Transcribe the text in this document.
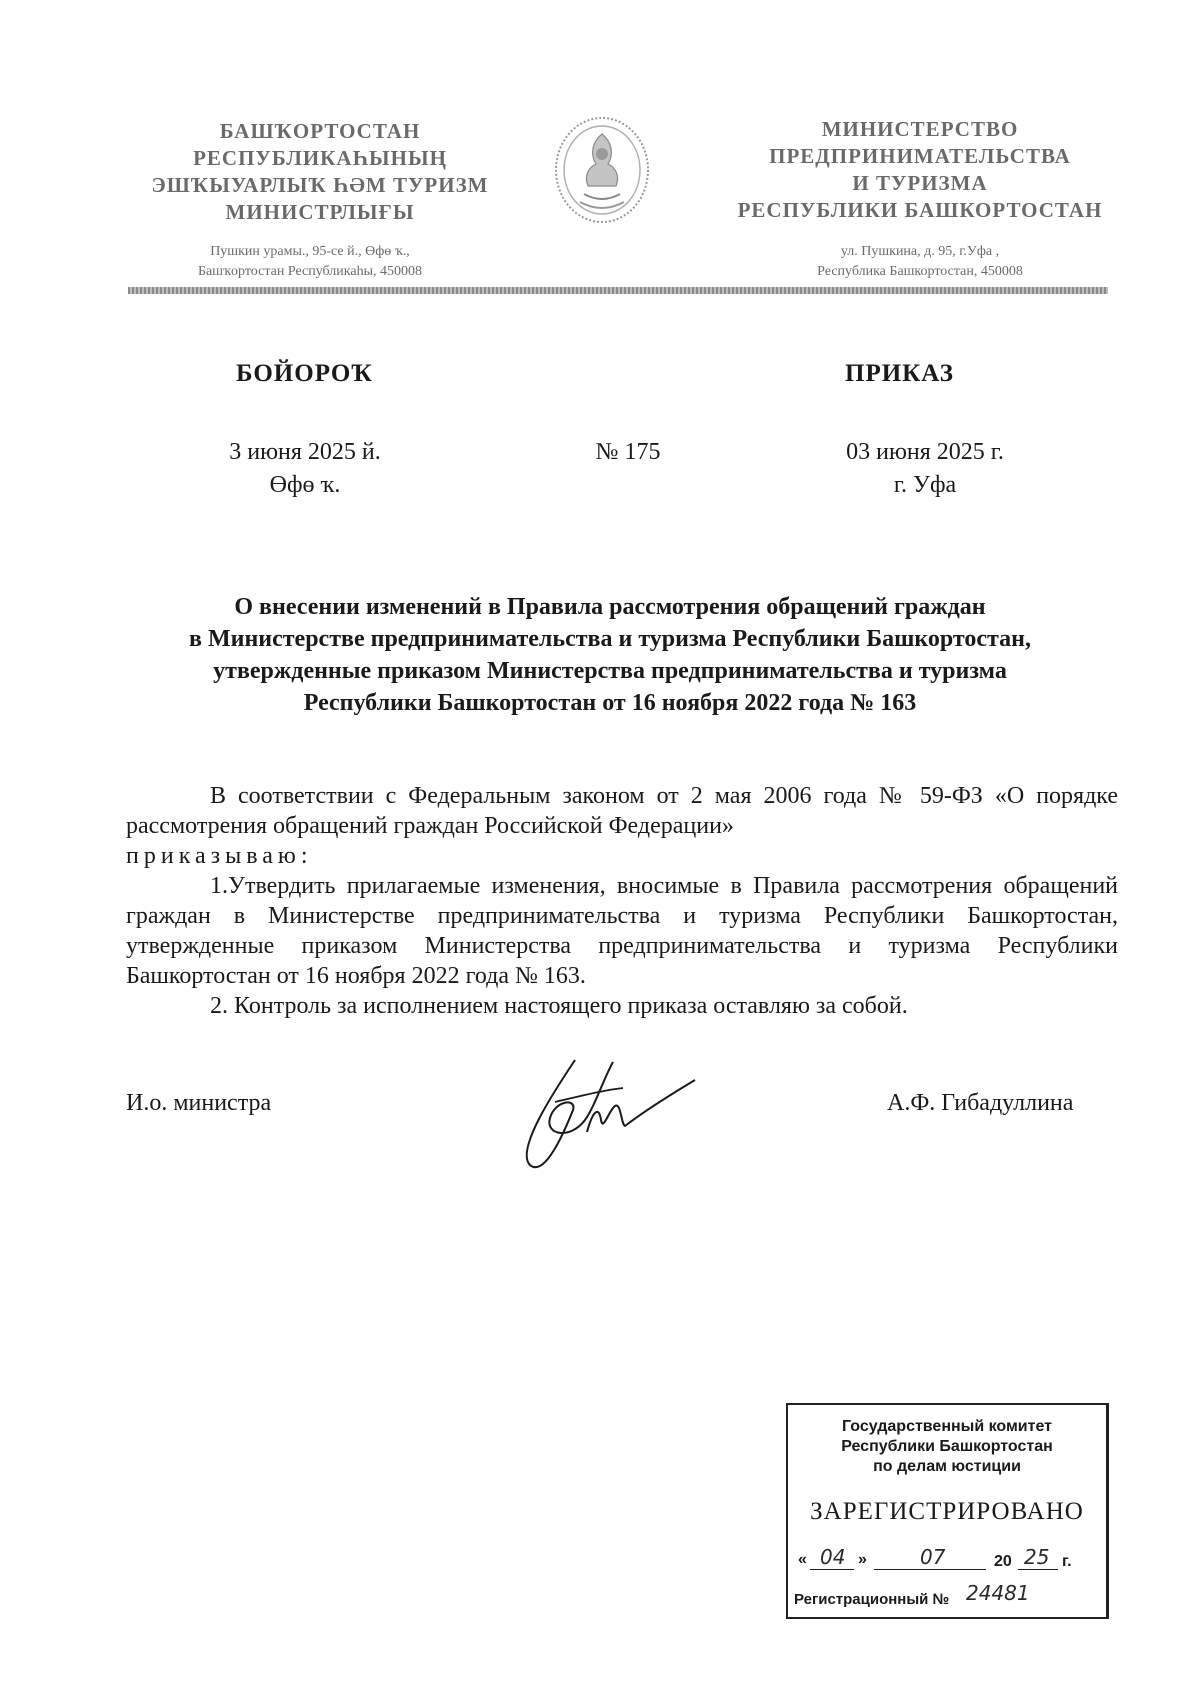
БАШҠОРТОСТАН
РЕСПУБЛИКАҺЫНЫҢ
ЭШҠЫУАРЛЫҠ ҺӘМ ТУРИЗМ
МИНИСТРЛЫҒЫ
МИНИСТЕРСТВО
ПРЕДПРИНИМАТЕЛЬСТВА
И ТУРИЗМА
РЕСПУБЛИКИ БАШКОРТОСТАН
Пушкин урамы., 95-се й., Өфө ҡ.,
Башҡортостан Республикаһы, 450008
ул. Пушкина, д. 95, г.Уфа ,
Республика Башкортостан, 450008
БОЙОРОҠ	ПРИКАЗ
3 июня 2025 й.
Өфө ҡ.
№ 175	03 июня 2025 г.
г. Уфа
О внесении изменений в Правила рассмотрения обращений граждан
в Министерстве предпринимательства и туризма Республики Башкортостан,
утвержденные приказом Министерства предпринимательства и туризма
Республики Башкортостан от 16 ноября 2022 года № 163

В соответствии с Федеральным законом от 2 мая 2006 года № 59-ФЗ «О порядке рассмотрения обращений граждан Российской Федерации»

приказываю:

1.Утвердить прилагаемые изменения, вносимые в Правила рассмотрения обращений граждан в Министерстве предпринимательства и туризма Республики Башкортостан, утвержденные приказом Министерства предпринимательства и туризма Республики Башкортостан от 16 ноября 2022 года № 163.

2. Контроль за исполнением настоящего приказа оставляю за собой.

И.о. министра	А.Ф. Гибадуллина
Государственный комитет
Республики Башкортостан
по делам юстиции
ЗАРЕГИСТРИРОВАНО
« 04 »	07	20 25 г.
Регистрационный № 24481
